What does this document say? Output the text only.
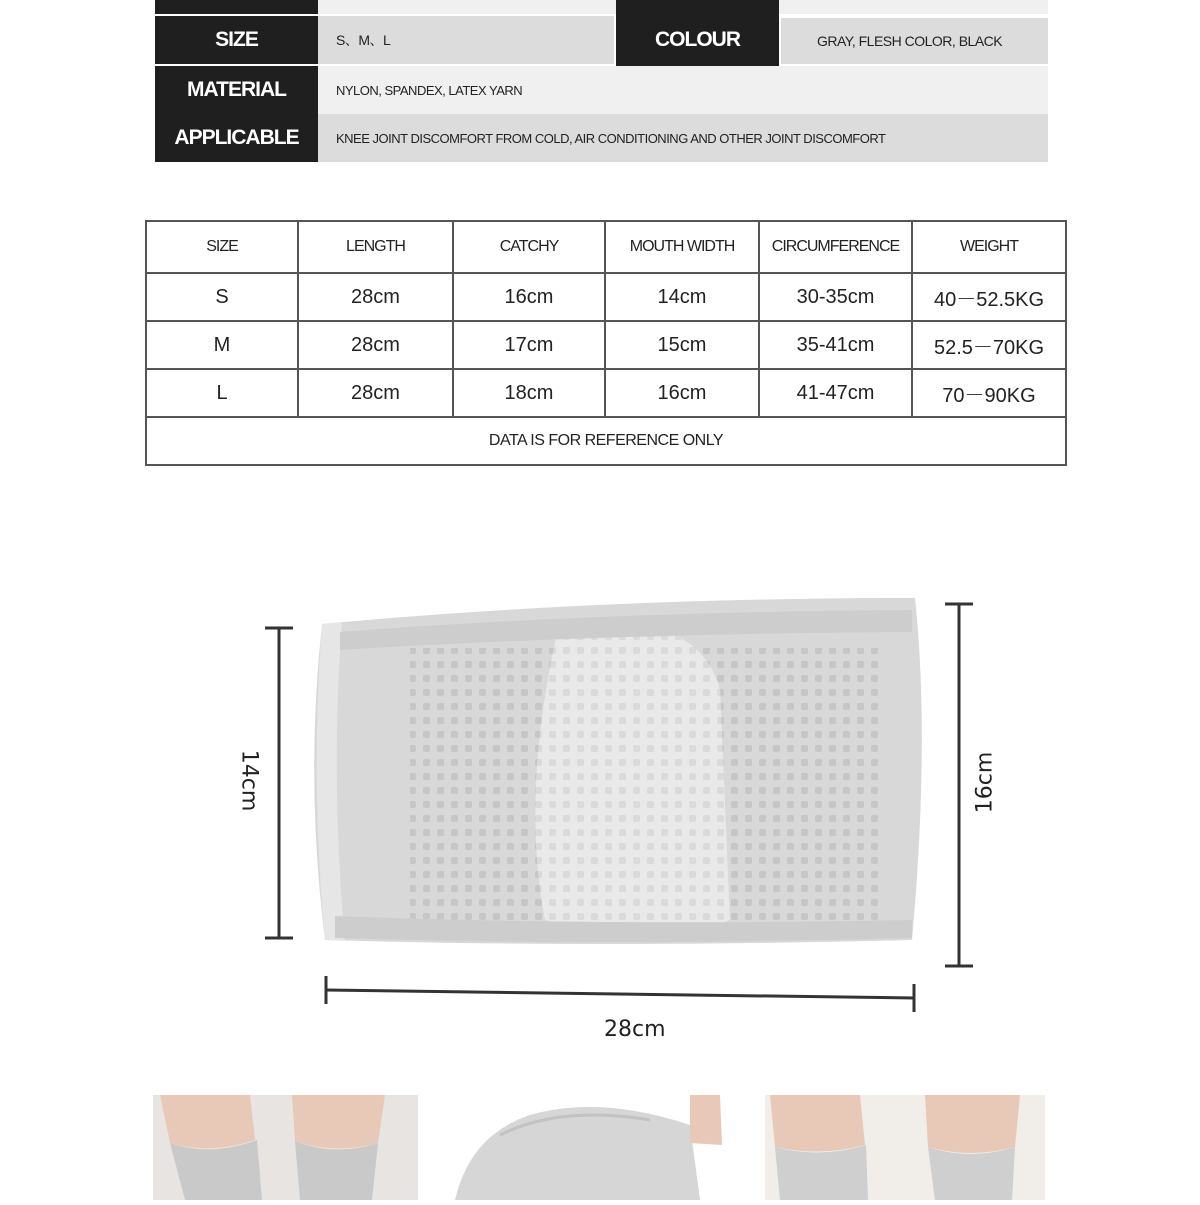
SIZE	S、M、L	COLOUR	GRAY, FLESH COLOR, BLACK
MATERIAL	NYLON, SPANDEX, LATEX YARN
APPLICABLE	KNEE JOINT DISCOMFORT FROM COLD, AIR CONDITIONING AND OTHER JOINT DISCOMFORT
SIZE	LENGTH	CATCHY	MOUTH WIDTH	CIRCUMFERENCE	WEIGHT
S	28cm	16cm	14cm	30-35cm	40－52.5KG
M	28cm	17cm	15cm	35-41cm	52.5－70KG
L	28cm	18cm	16cm	41-47cm	70－90KG
DATA IS FOR REFERENCE ONLY					
14cm	16cm
28cm
